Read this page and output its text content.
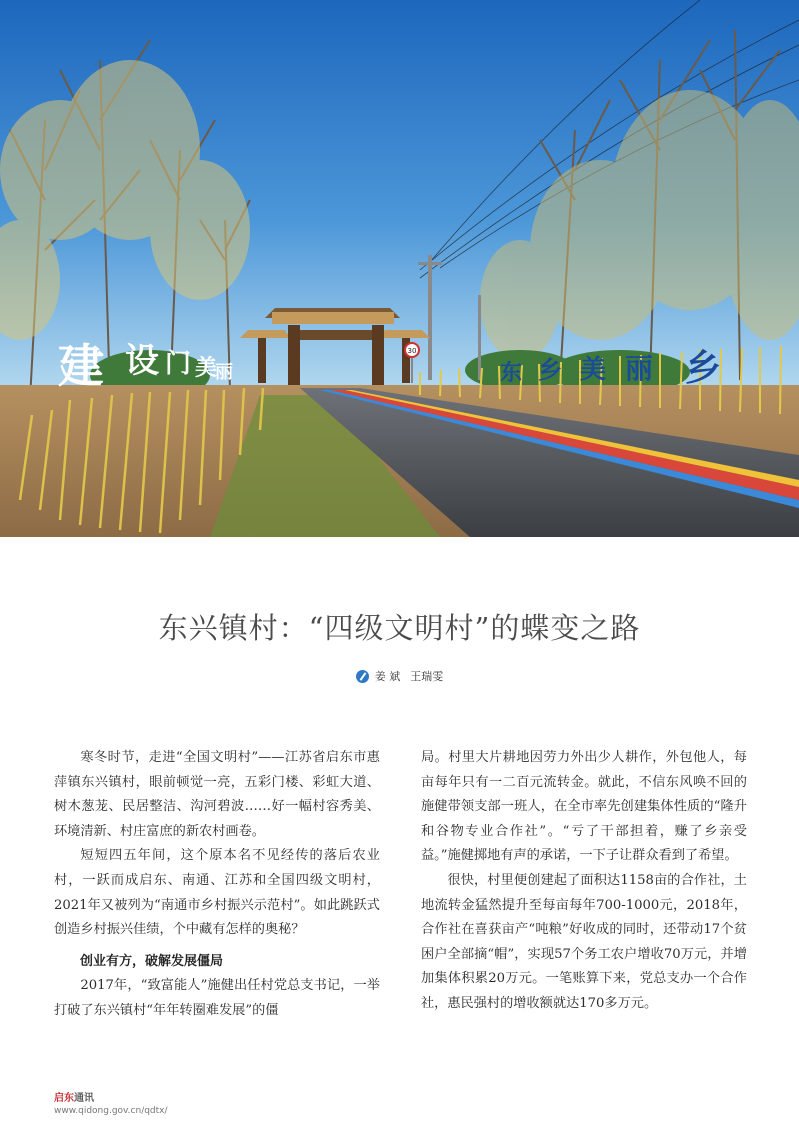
建 设 门 美
丽	东 乡 美 丽 乡
30
东兴镇村：“四级文明村”的蝶变之路
姜 斌 王瑞雯

寒冬时节，走进“全国文明村”——江苏省启东市惠萍镇东兴镇村，眼前顿觉一亮，五彩门楼、彩虹大道、树木葱茏、民居整洁、沟河碧波……好一幅村容秀美、环境清新、村庄富庶的新农村画卷。

短短四五年间，这个原本名不见经传的落后农业村，一跃而成启东、南通、江苏和全国四级文明村，2021年又被列为“南通市乡村振兴示范村”。如此跳跃式创造乡村振兴佳绩，个中藏有怎样的奥秘？

创业有方，破解发展僵局

2017年，“致富能人”施健出任村党总支书记，一举打破了东兴镇村“年年转圈难发展”的僵

局。村里大片耕地因劳力外出少人耕作，外包他人，每亩每年只有一二百元流转金。就此，不信东风唤不回的施健带领支部一班人，在全市率先创建集体性质的“隆升和谷物专业合作社”。“亏了干部担着，赚了乡亲受益。”施健掷地有声的承诺，一下子让群众看到了希望。

很快，村里便创建起了面积达1158亩的合作社，土地流转金猛然提升至每亩每年700-1000元，2018年，合作社在喜获亩产“吨粮”好收成的同时，还带动17个贫困户全部摘“帽”，实现57个务工农户增收70万元，并增加集体积累20万元。一笔账算下来，党总支办一个合作社，惠民强村的增收额就达170多万元。

启东通讯
www.qidong.gov.cn/qdtx/
